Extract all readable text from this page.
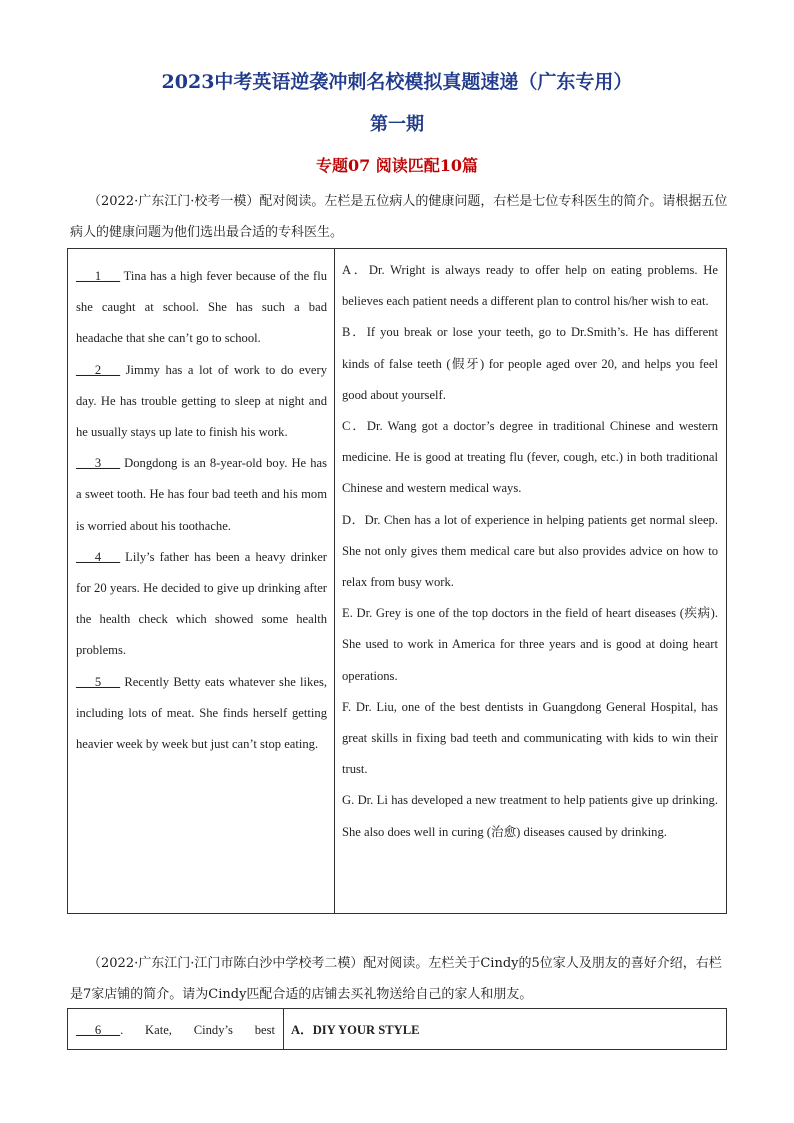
2023中考英语逆袭冲刺名校模拟真题速递（广东专用）
第一期
专题07 阅读匹配10篇
（2022·广东江门·校考一模）配对阅读。左栏是五位病人的健康问题，右栏是七位专科医生的简介。请根据五位病人的健康问题为他们选出最合适的专科医生。

___1___ Tina has a high fever because of the flu she caught at school. She has such a bad headache that she can’t go to school.

___2___ Jimmy has a lot of work to do every day. He has trouble getting to sleep at night and he usually stays up late to finish his work.

___3___ Dongdong is an 8-year-old boy. He has a sweet tooth. He has four bad teeth and his mom is worried about his toothache.

___4___ Lily’s father has been a heavy drinker for 20 years. He decided to give up drinking after the health check which showed some health problems.

___5___ Recently Betty eats whatever she likes, including lots of meat. She finds herself getting heavier week by week but just can’t stop eating.

A．Dr. Wright is always ready to offer help on eating problems. He believes each patient needs a different plan to control his/her wish to eat.

B．If you break or lose your teeth, go to Dr.Smith’s. He has different kinds of false teeth (假牙) for people aged over 20, and helps you feel good about yourself.

C．Dr. Wang got a doctor’s degree in traditional Chinese and western medicine. He is good at treating flu (fever, cough, etc.) in both traditional Chinese and western medical ways.

D．Dr. Chen has a lot of experience in helping patients get normal sleep. She not only gives them medical care but also provides advice on how to relax from busy work.

E. Dr. Grey is one of the top doctors in the field of heart diseases (疾病). She used to work in America for three years and is good at doing heart operations.

F. Dr. Liu, one of the best dentists in Guangdong General Hospital, has great skills in fixing bad teeth and communicating with kids to win their trust.

G. Dr. Li has developed a new treatment to help patients give up drinking. She also does well in curing (治愈) diseases caused by drinking.

（2022·广东江门·江门市陈白沙中学校考二模）配对阅读。左栏关于Cindy的5位家人及朋友的喜好介绍，右栏是7家店铺的简介。请为Cindy匹配合适的店铺去买礼物送给自己的家人和朋友。
___6___. Kate, Cindy’s best	A．DIY YOUR STYLE
